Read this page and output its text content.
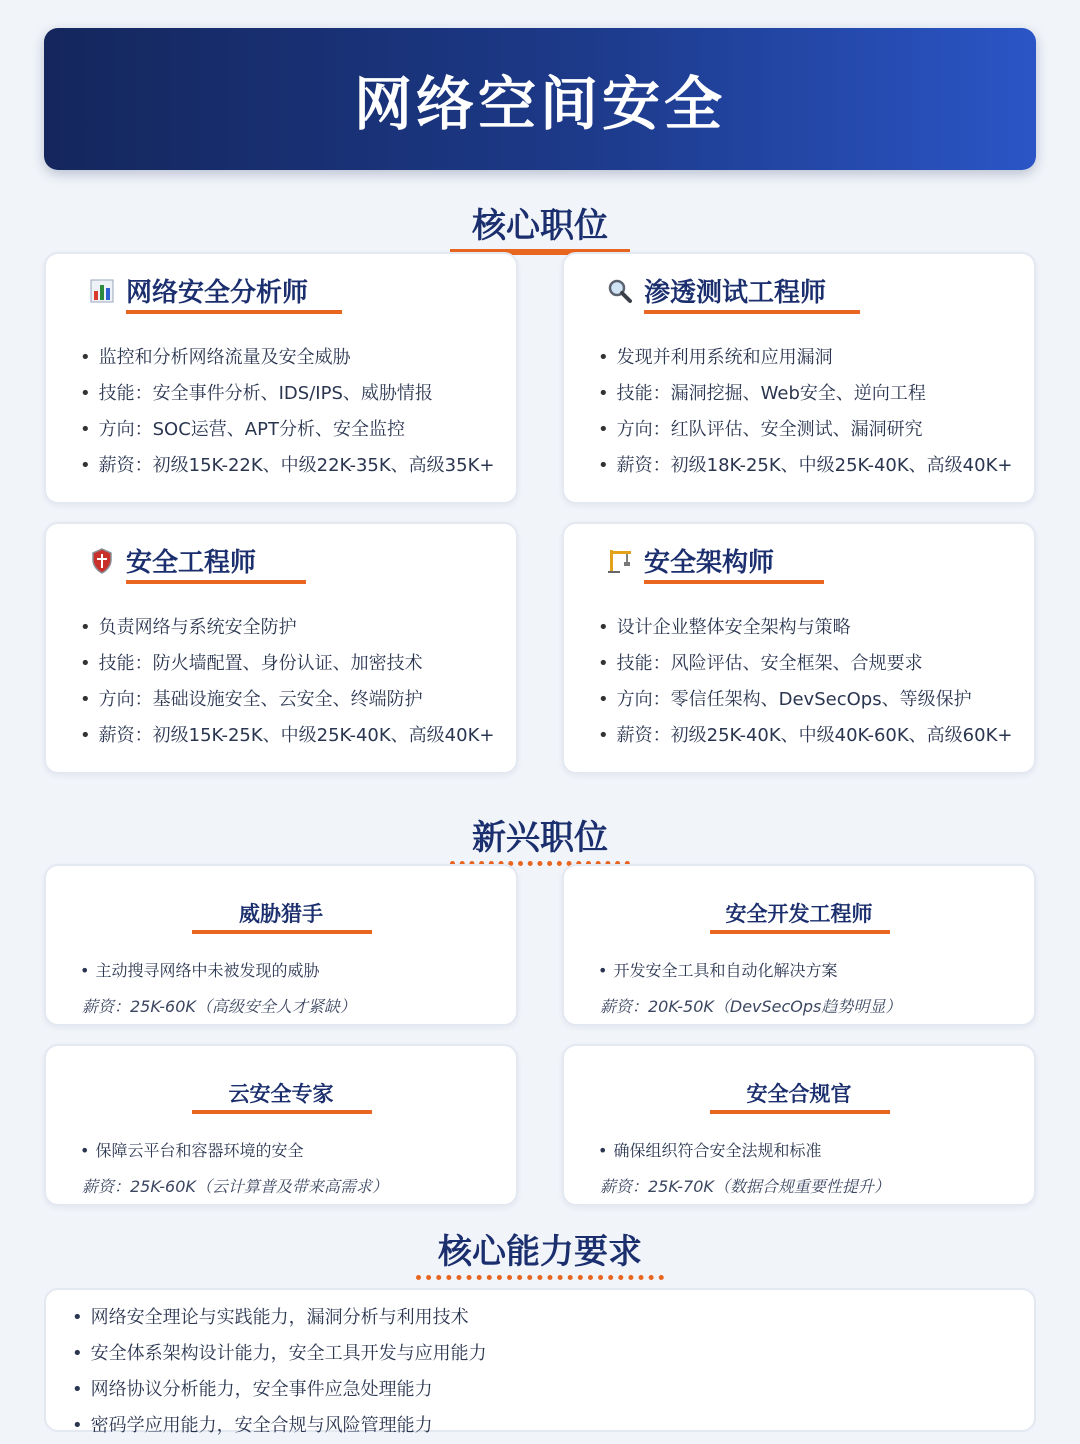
网络空间安全
核心职位
网络安全分析师
• 监控和分析网络流量及安全威胁
• 技能：安全事件分析、IDS/IPS、威胁情报
• 方向：SOC运营、APT分析、安全监控
• 薪资：初级15K-22K、中级22K-35K、高级35K+
渗透测试工程师
• 发现并利用系统和应用漏洞
• 技能：漏洞挖掘、Web安全、逆向工程
• 方向：红队评估、安全测试、漏洞研究
• 薪资：初级18K-25K、中级25K-40K、高级40K+
安全工程师
• 负责网络与系统安全防护
• 技能：防火墙配置、身份认证、加密技术
• 方向：基础设施安全、云安全、终端防护
• 薪资：初级15K-25K、中级25K-40K、高级40K+
安全架构师
• 设计企业整体安全架构与策略
• 技能：风险评估、安全框架、合规要求
• 方向：零信任架构、DevSecOps、等级保护
• 薪资：初级25K-40K、中级40K-60K、高级60K+
新兴职位
威胁猎手
• 主动搜寻网络中未被发现的威胁
薪资：25K-60K（高级安全人才紧缺）
安全开发工程师
• 开发安全工具和自动化解决方案
薪资：20K-50K（DevSecOps趋势明显）
云安全专家
• 保障云平台和容器环境的安全
薪资：25K-60K（云计算普及带来高需求）
安全合规官
• 确保组织符合安全法规和标准
薪资：25K-70K（数据合规重要性提升）
核心能力要求
• 网络安全理论与实践能力，漏洞分析与利用技术
• 安全体系架构设计能力，安全工具开发与应用能力
• 网络协议分析能力，安全事件应急处理能力
• 密码学应用能力，安全合规与风险管理能力
